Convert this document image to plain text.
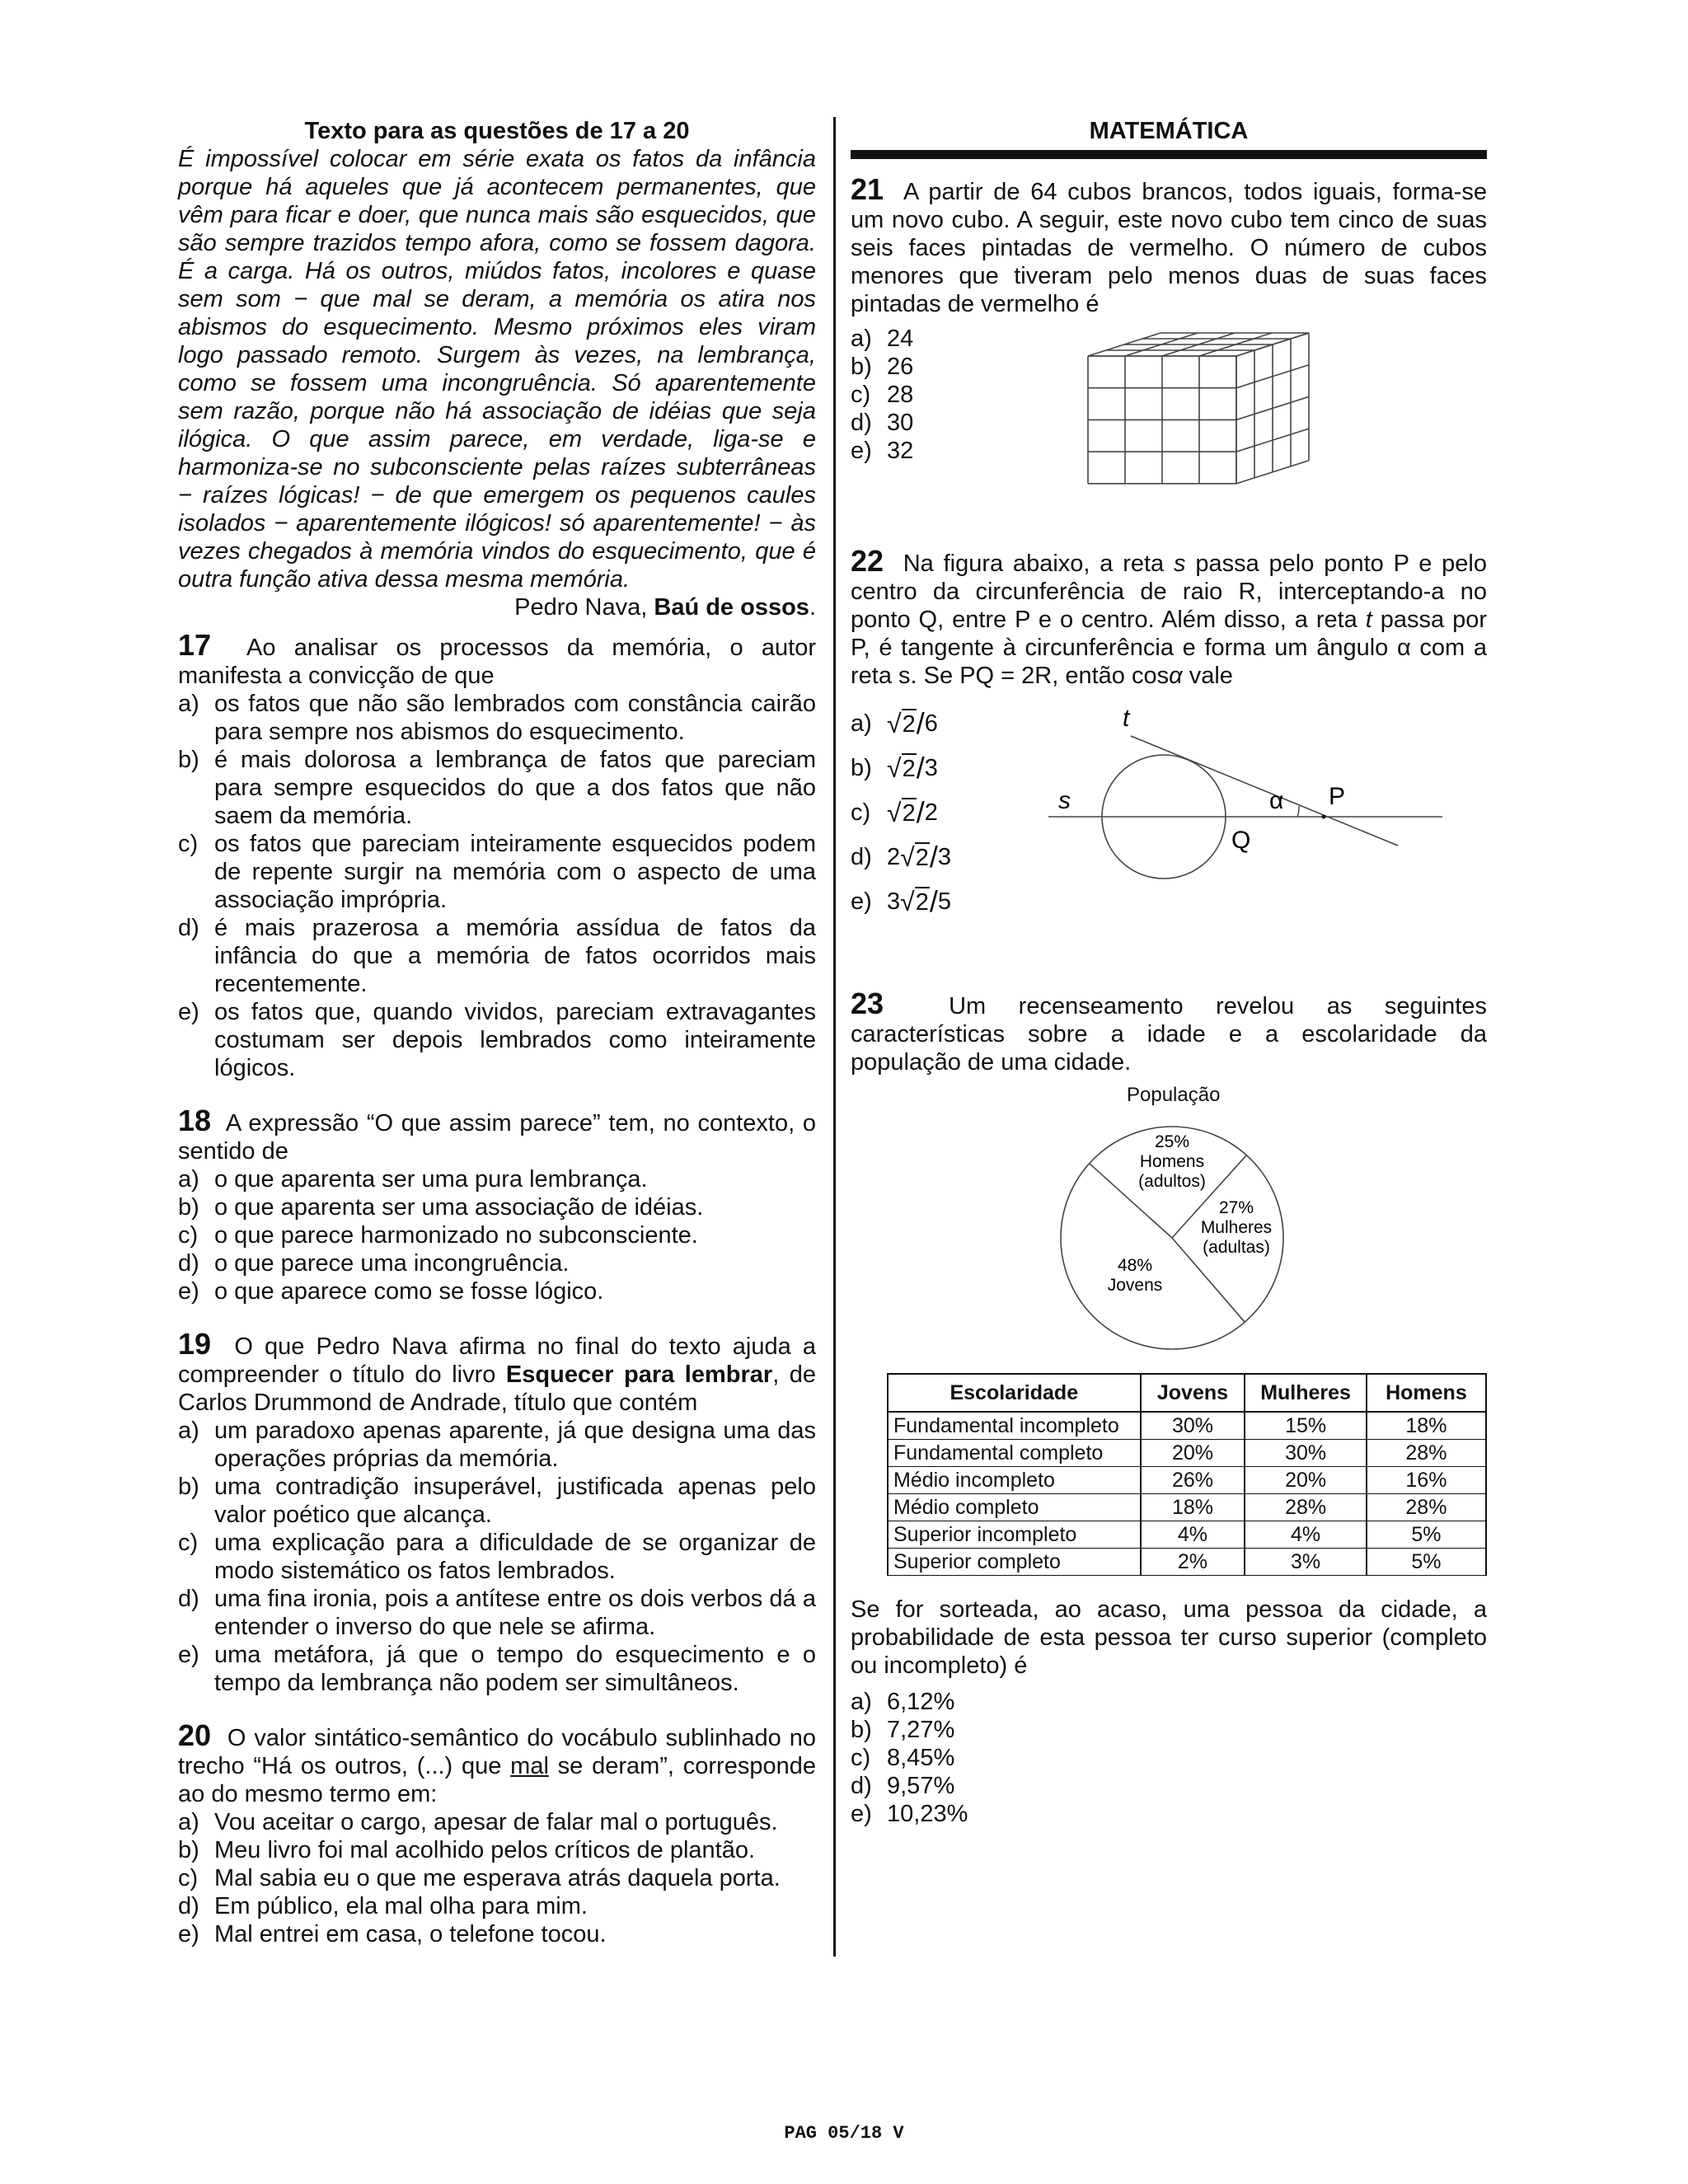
Texto para as questões de 17 a 20

É impossível colocar em série exata os fatos da infância porque há aqueles que já acontecem permanentes, que vêm para ficar e doer, que nunca mais são esquecidos, que são sempre trazidos tempo afora, como se fossem dagora. É a carga. Há os outros, miúdos fatos, incolores e quase sem som − que mal se deram, a memória os atira nos abismos do esquecimento. Mesmo próximos eles viram logo passado remoto. Surgem às vezes, na lembrança, como se fossem uma incongruência. Só aparentemente sem razão, porque não há associação de idéias que seja ilógica. O que assim parece, em verdade, liga-se e harmoniza-se no subconsciente pelas raízes subterrâneas − raízes lógicas! − de que emergem os pequenos caules isolados − aparentemente ilógicos! só aparentemente! − às vezes chegados à memória vindos do esquecimento, que é outra função ativa dessa mesma memória.

Pedro Nava, Baú de ossos.

17 Ao analisar os processos da memória, o autor manifesta a convicção de que

a) os fatos que não são lembrados com constância cairão para sempre nos abismos do esquecimento.
b) é mais dolorosa a lembrança de fatos que pareciam para sempre esquecidos do que a dos fatos que não saem da memória.
c) os fatos que pareciam inteiramente esquecidos podem de repente surgir na memória com o aspecto de uma associação imprópria.
d) é mais prazerosa a memória assídua de fatos da infância do que a memória de fatos ocorridos mais recentemente.
e) os fatos que, quando vividos, pareciam extravagantes costumam ser depois lembrados como inteiramente lógicos.

18 A expressão “O que assim parece” tem, no contexto, o sentido de

a) o que aparenta ser uma pura lembrança.
b) o que aparenta ser uma associação de idéias.
c) o que parece harmonizado no subconsciente.
d) o que parece uma incongruência.
e) o que aparece como se fosse lógico.

19 O que Pedro Nava afirma no final do texto ajuda a compreender o título do livro Esquecer para lembrar, de Carlos Drummond de Andrade, título que contém

a) um paradoxo apenas aparente, já que designa uma das operações próprias da memória.
b) uma contradição insuperável, justificada apenas pelo valor poético que alcança.
c) uma explicação para a dificuldade de se organizar de modo sistemático os fatos lembrados.
d) uma fina ironia, pois a antítese entre os dois verbos dá a entender o inverso do que nele se afirma.
e) uma metáfora, já que o tempo do esquecimento e o tempo da lembrança não podem ser simultâneos.

20 O valor sintático-semântico do vocábulo sublinhado no trecho “Há os outros, (...) que mal se deram”, corresponde ao do mesmo termo em:

a) Vou aceitar o cargo, apesar de falar mal o português.
b) Meu livro foi mal acolhido pelos críticos de plantão.
c) Mal sabia eu o que me esperava atrás daquela porta.
d) Em público, ela mal olha para mim.
e) Mal entrei em casa, o telefone tocou.
MATEMÁTICA

21 A partir de 64 cubos brancos, todos iguais, forma-se um novo cubo. A seguir, este novo cubo tem cinco de suas seis faces pintadas de vermelho. O número de cubos menores que tiveram pelo menos duas de suas faces pintadas de vermelho é

a) 24
b) 26
c) 28
d) 30
e) 32

22 Na figura abaixo, a reta s passa pelo ponto P e pelo centro da circunferência de raio R, interceptando-a no ponto Q, entre P e o centro. Além disso, a reta t passa por P, é tangente à circunferência e forma um ângulo α com a reta s. Se PQ = 2R, então cosα vale

a) √ 2 / 6
b) √ 2 / 3
c) √ 2 / 2
d) 2 √ 2 / 3
e) 3 √ 2 / 5
t
s	α P
Q

23	Um recenseamento revelou as seguintes características sobre a idade e a escolaridade da população de uma cidade.

População
25%
Homens
(adultos)
27%
Mulheres
(adultas)
48%
Jovens
Escolaridade	Jovens	Mulheres	Homens
Fundamental incompleto	30%	15%	18%
Fundamental completo	20%	30%	28%
Médio incompleto	26%	20%	16%
Médio completo	18%	28%	28%
Superior incompleto	4%	4%	5%
Superior completo	2%	3%	5%

Se for sorteada, ao acaso, uma pessoa da cidade, a probabilidade de esta pessoa ter curso superior (completo ou incompleto) é

a) 6,12%
b) 7,27%
c) 8,45%
d) 9,57%
e) 10,23%
PAG 05/18 V
